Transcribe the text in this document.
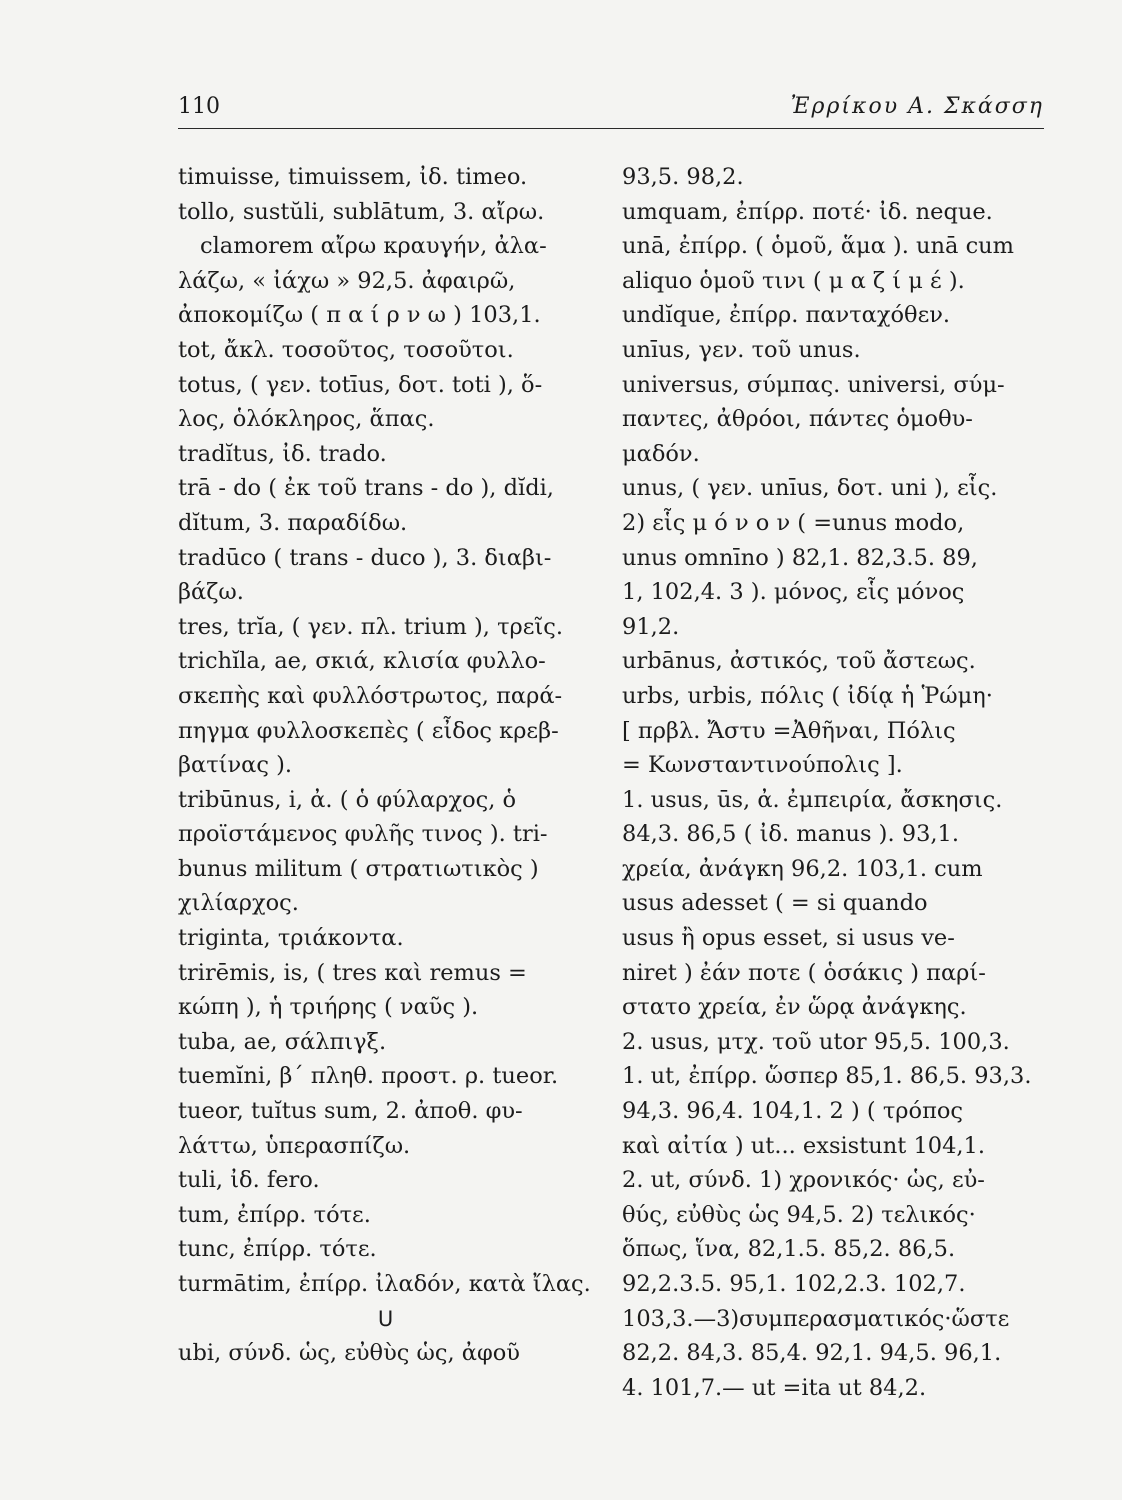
110	Ἐρρίκου Α. Σκάσση
timuisse, timuissem, ἰδ. timeo.
tollo, sustŭli, sublātum, 3. αἴρω.
clamorem αἴρω κραυγήν, ἀλα-
λάζω, « ἰάχω » 92,5. ἀφαιρῶ,
ἀποκομίζω ( π α ί ρ ν ω ) 103,1.
tot, ἄκλ. τοσοῦτος, τοσοῦτοι.
totus, ( γεν. totīus, δοτ. toti ), ὅ-
λος, ὁλόκληρος, ἅπας.
tradĭtus, ἰδ. trado.
trā - do ( ἐκ τοῦ trans - do ), dĭdi,
dĭtum, 3. παραδίδω.
tradūco ( trans - duco ), 3. διαβι-
βάζω.
tres, trĭa, ( γεν. πλ. trium ), τρεῖς.
trichĭla, ae, σκιά, κλισία φυλλο-
σκεπὴς καὶ φυλλόστρωτος, παρά-
πηγμα φυλλοσκεπὲς ( εἶδος κρεβ-
βατίνας ).
tribūnus, i, ἀ. ( ὁ φύλαρχος, ὁ
προϊστάμενος φυλῆς τινος ). tri-
bunus militum ( στρατιωτικὸς )
χιλίαρχος.
triginta, τριάκοντα.
trirēmis, is, ( tres καὶ remus =
κώπη ), ἡ τριήρης ( ναῦς ).
tuba, ae, σάλπιγξ.
tuemĭni, β΄ πληθ. προστ. ρ. tueor.
tueor, tuĭtus sum, 2. ἀποθ. φυ-
λάττω, ὑπερασπίζω.
tuli, ἰδ. fero.
tum, ἐπίρρ. τότε.
tunc, ἐπίρρ. τότε.
turmātim, ἐπίρρ. ἰλαδόν, κατὰ ἴλας.
U
ubi, σύνδ. ὡς, εὐθὺς ὡς, ἀφοῦ
93,5. 98,2.
umquam, ἐπίρρ. ποτέ· ἰδ. neque.
unā, ἐπίρρ. ( ὁμοῦ, ἅμα ). unā cum
aliquo ὁμοῦ τινι ( μ α ζ ί μ έ ).
undĭque, ἐπίρρ. πανταχόθεν.
unīus, γεν. τοῦ unus.
universus, σύμπας. universi, σύμ-
παντες, ἀθρόοι, πάντες ὁμοθυ-
μαδόν.
unus, ( γεν. unīus, δοτ. uni ), εἷς.
2) εἷς μ ό ν ο ν ( =unus modo,
unus omnīno ) 82,1. 82,3.5. 89,
1, 102,4. 3 ). μόνος, εἷς μόνος
91,2.
urbānus, ἀστικός, τοῦ ἄστεως.
urbs, urbis, πόλις ( ἰδίᾳ ἡ Ῥώμη·
[ πρβλ. Ἄστυ =Ἀθῆναι, Πόλις
= Κωνσταντινούπολις ].
1. usus, ūs, ἀ. ἐμπειρία, ἄσκησις.
84,3. 86,5 ( ἰδ. manus ). 93,1.
χρεία, ἀνάγκη 96,2. 103,1. cum
usus adesset ( = si quando
usus ἢ opus esset, si usus ve-
niret ) ἐάν ποτε ( ὁσάκις ) παρί-
στατο χρεία, ἐν ὥρᾳ ἀνάγκης.
2. usus, μτχ. τοῦ utor 95,5. 100,3.
1. ut, ἐπίρρ. ὥσπερ 85,1. 86,5. 93,3.
94,3. 96,4. 104,1. 2 ) ( τρόπος
καὶ αἰτία ) ut... exsistunt 104,1.
2. ut, σύνδ. 1) χρονικός· ὡς, εὐ-
θύς, εὐθὺς ὡς 94,5. 2) τελικός·
ὅπως, ἵνα, 82,1.5. 85,2. 86,5.
92,2.3.5. 95,1. 102,2.3. 102,7.
103,3.—3)συμπερασματικός·ὥστε
82,2. 84,3. 85,4. 92,1. 94,5. 96,1.
4. 101,7.— ut =ita ut 84,2.
